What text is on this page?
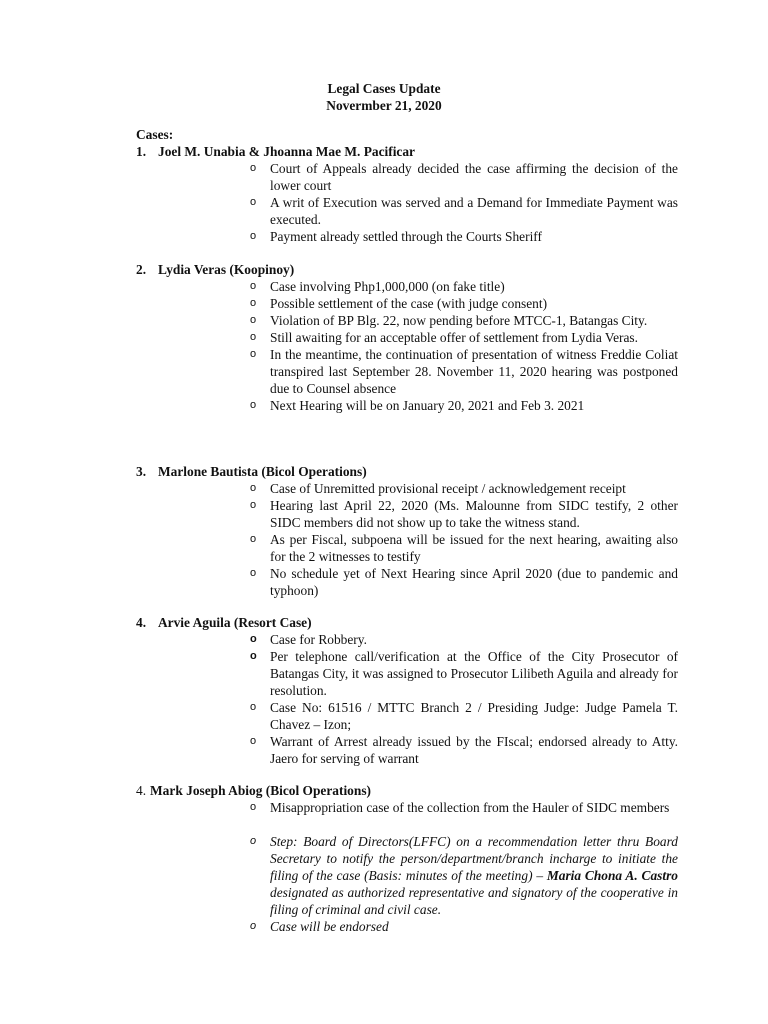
Legal Cases Update
Novermber 21, 2020
Cases:
1. Joel M. Unabia & Jhoanna Mae M. Pacificar
o Court of Appeals already decided the case affirming the decision of the lower court
o A writ of Execution was served and a Demand for Immediate Payment was executed.
o Payment already settled through the Courts Sheriff
2. Lydia Veras (Koopinoy)
o Case involving Php1,000,000 (on fake title)
o Possible settlement of the case (with judge consent)
o Violation of BP Blg. 22, now pending before MTCC-1, Batangas City.
o Still awaiting for an acceptable offer of settlement from Lydia Veras.
o In the meantime, the continuation of presentation of witness Freddie Coliat transpired last September 28. November 11, 2020 hearing was postponed due to Counsel absence
o Next Hearing will be on January 20, 2021 and Feb 3. 2021
3. Marlone Bautista (Bicol Operations)
o Case of Unremitted provisional receipt / acknowledgement receipt
o Hearing last April 22, 2020 (Ms. Malounne from SIDC testify, 2 other SIDC members did not show up to take the witness stand.
o As per Fiscal, subpoena will be issued for the next hearing, awaiting also for the 2 witnesses to testify
o No schedule yet of Next Hearing since April 2020 (due to pandemic and typhoon)
4. Arvie Aguila (Resort Case)
o Case for Robbery.
o Per telephone call/verification at the Office of the City Prosecutor of Batangas City, it was assigned to Prosecutor Lilibeth Aguila and already for resolution.
o Case No: 61516 / MTTC Branch 2 / Presiding Judge: Judge Pamela T. Chavez – Izon;
o Warrant of Arrest already issued by the FIscal; endorsed already to Atty. Jaero for serving of warrant
4. Mark Joseph Abiog (Bicol Operations)
o Misappropriation case of the collection from the Hauler of SIDC members
o Step: Board of Directors(LFFC) on a recommendation letter thru Board Secretary to notify the person/department/branch incharge to initiate the filing of the case (Basis: minutes of the meeting) – Maria Chona A. Castro designated as authorized representative and signatory of the cooperative in filing of criminal and civil case.
o Case will be endorsed
